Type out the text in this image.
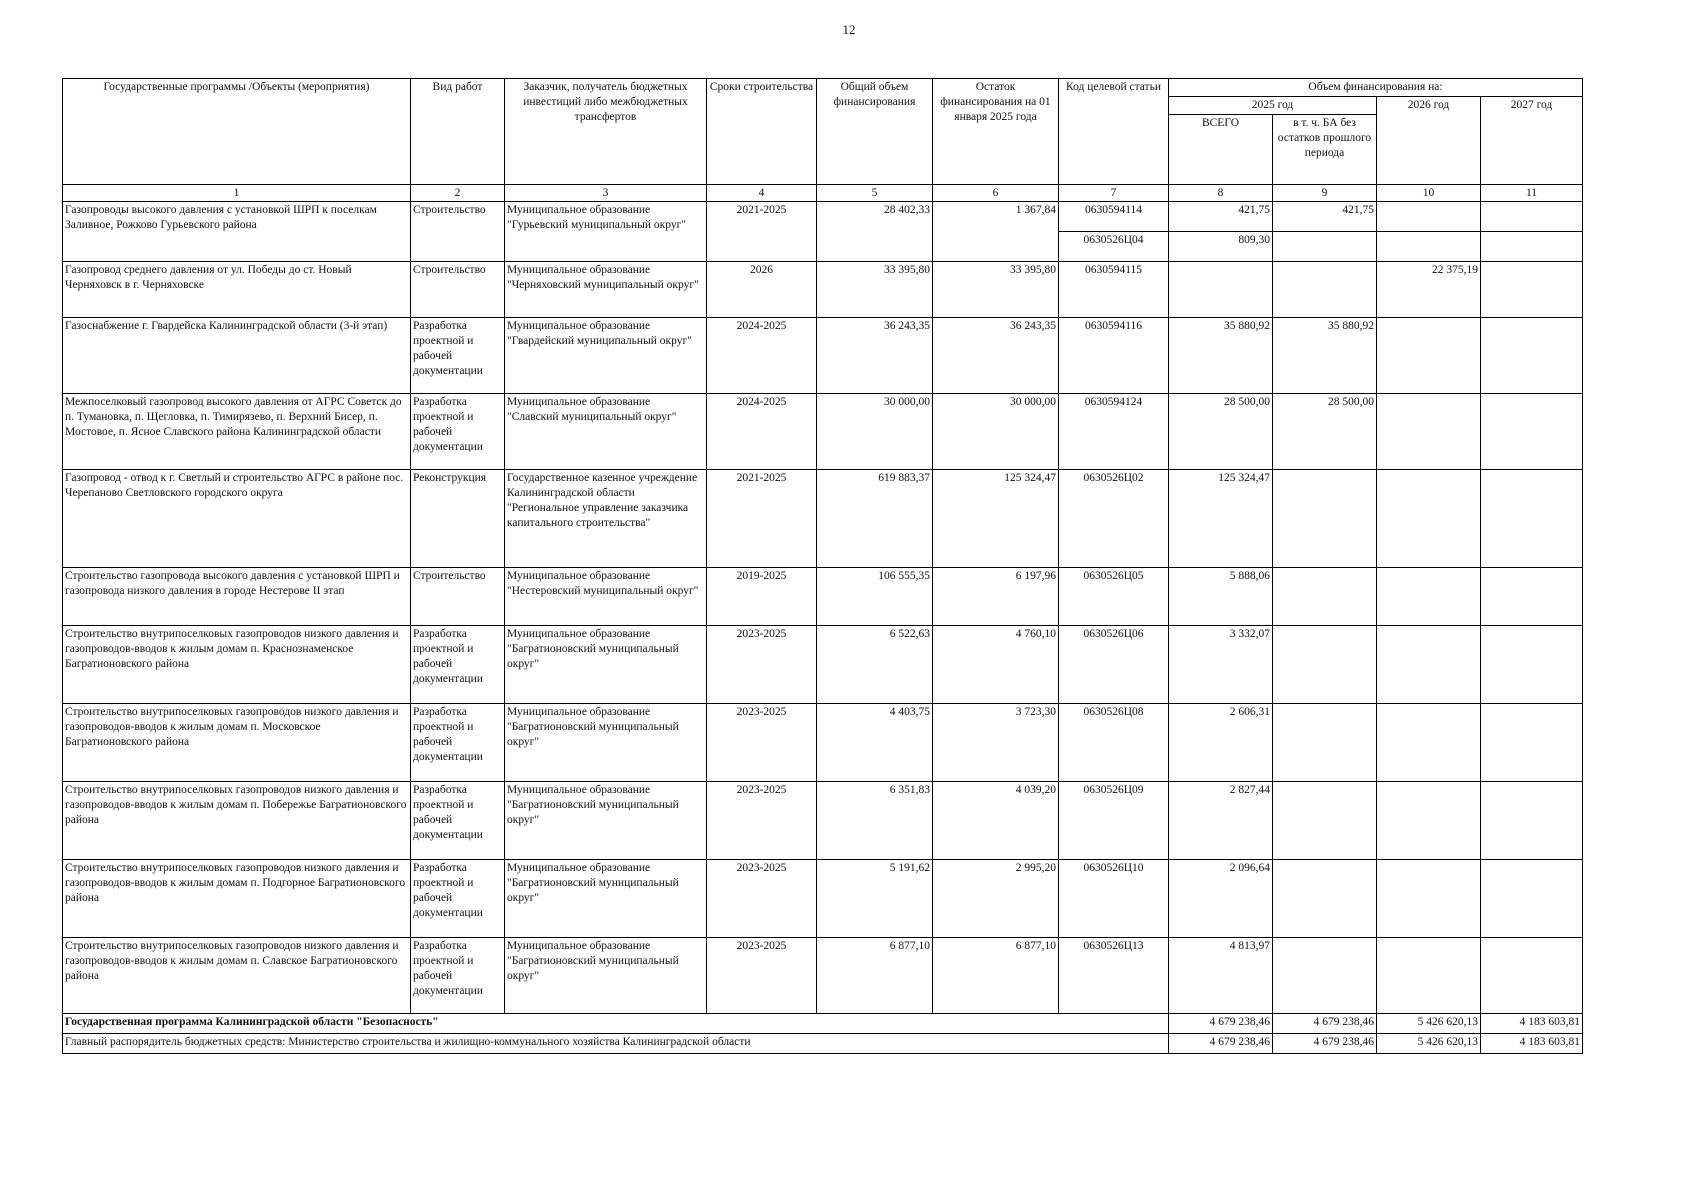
12
Государственные программы /Объекты (мероприятия)	Вид работ	Заказчик, получатель бюджетных инвестиций либо межбюджетных трансфертов	Сроки строительства	Общий объем финансирования	Остаток финансирования на 01 января 2025 года	Код целевой статьи	Объем финансирования на:			
							2025 год		2026 год	2027 год
							ВСЕГО	в т. ч. БА без остатков прошлого периода		
1	2	3	4	5	6	7	8	9	10	11
Газопроводы высокого давления с установкой ШРП к поселкам Заливное, Рожково Гурьевского района	Строительство	Муниципальное образование "Гурьевский муниципальный округ"	2021-2025	28 402,33	1 367,84	0630594114	421,75	421,75		
						0630526Ц04	809,30			
Газопровод среднего давления от ул. Победы до ст. Новый Черняховск в г. Черняховске	Строительство	Муниципальное образование "Черняховский муниципальный округ"	2026	33 395,80	33 395,80	0630594115			22 375,19	
Газоснабжение г. Гвардейска Калининградской области (3-й этап)	Разработка проектной и рабочей документации	Муниципальное образование "Гвардейский муниципальный округ"	2024-2025	36 243,35	36 243,35	0630594116	35 880,92	35 880,92		
Межпоселковый газопровод высокого давления от АГРС Советск до п. Тумановка, п. Щегловка, п. Тимирязево, п. Верхний Бисер, п. Мостовое, п. Ясное Славского района Калининградской области	Разработка проектной и рабочей документации	Муниципальное образование "Славский муниципальный округ"	2024-2025	30 000,00	30 000,00	0630594124	28 500,00	28 500,00		
Газопровод - отвод к г. Светлый и строительство АГРС в районе пос. Черепаново Светловского городского округа	Реконструкция	Государственное казенное учреждение Калининградской области "Региональное управление заказчика капитального строительства"	2021-2025	619 883,37	125 324,47	0630526Ц02	125 324,47			
Строительство газопровода высокого давления с установкой ШРП и газопровода низкого давления в городе Нестерове II этап	Строительство	Муниципальное образование "Нестеровский муниципальный округ"	2019-2025	106 555,35	6 197,96	0630526Ц05	5 888,06			
Строительство внутрипоселковых газопроводов низкого давления и газопроводов-вводов к жилым домам п. Краснознаменское Багратионовского района	Разработка проектной и рабочей документации	Муниципальное образование "Багратионовский муниципальный округ"	2023-2025	6 522,63	4 760,10	0630526Ц06	3 332,07			
Строительство внутрипоселковых газопроводов низкого давления и газопроводов-вводов к жилым домам п. Московское Багратионовского района	Разработка проектной и рабочей документации	Муниципальное образование "Багратионовский муниципальный округ"	2023-2025	4 403,75	3 723,30	0630526Ц08	2 606,31			
Строительство внутрипоселковых газопроводов низкого давления и газопроводов-вводов к жилым домам п. Побережье Багратионовского района	Разработка проектной и рабочей документации	Муниципальное образование "Багратионовский муниципальный округ"	2023-2025	6 351,83	4 039,20	0630526Ц09	2 827,44			
Строительство внутрипоселковых газопроводов низкого давления и газопроводов-вводов к жилым домам п. Подгорное Багратионовского района	Разработка проектной и рабочей документации	Муниципальное образование "Багратионовский муниципальный округ"	2023-2025	5 191,62	2 995,20	0630526Ц10	2 096,64			
Строительство внутрипоселковых газопроводов низкого давления и газопроводов-вводов к жилым домам п. Славское Багратионовского района	Разработка проектной и рабочей документации	Муниципальное образование "Багратионовский муниципальный округ"	2023-2025	6 877,10	6 877,10	0630526Ц13	4 813,97			
Государственная программа Калининградской области "Безопасность"							4 679 238,46	4 679 238,46	5 426 620,13	4 183 603,81
Главный распорядитель бюджетных средств: Министерство строительства и жилищно-коммунального хозяйства Калининградской области							4 679 238,46	4 679 238,46	5 426 620,13	4 183 603,81
